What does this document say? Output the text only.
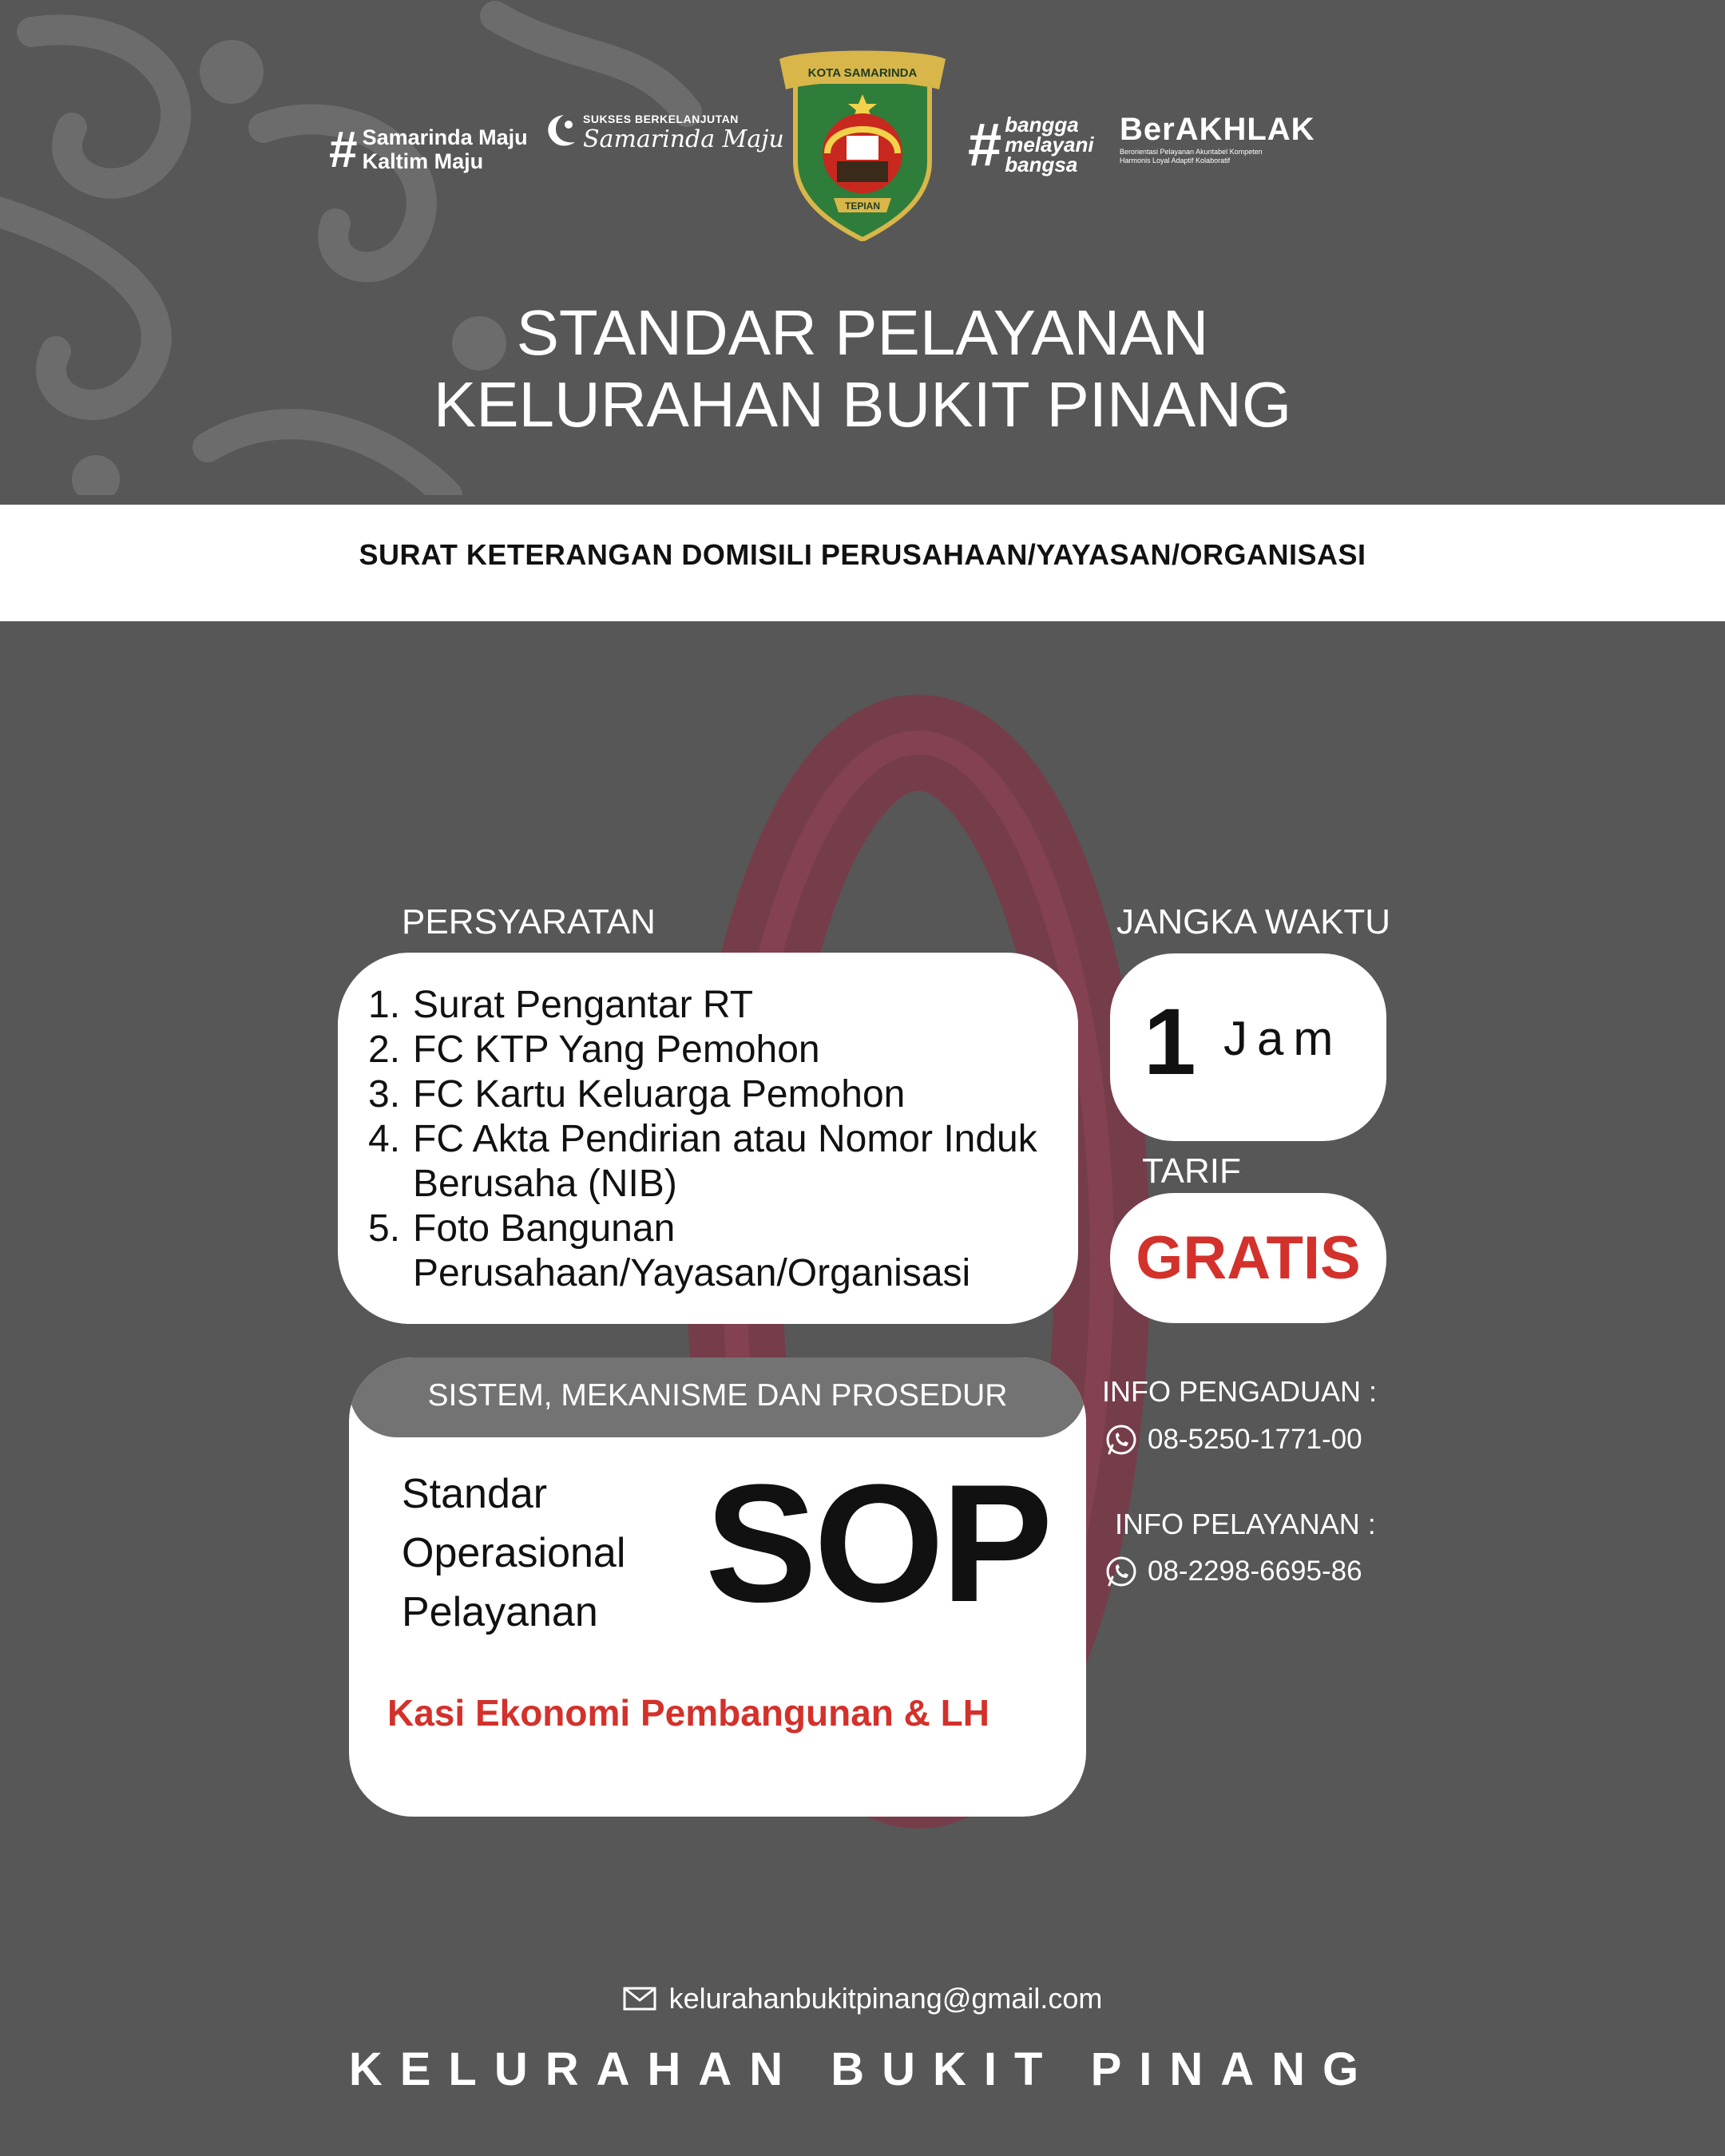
# Samarinda Maju
Kaltim Maju
SUKSES BERKELANJUTAN
Samarinda Maju
KOTA SAMARINDA
TEPIAN
# bangga
melayani
bangsa
BerAKHLAK
Berorientasi Pelayanan Akuntabel Kompeten
Harmonis Loyal Adaptif Kolaboratif
STANDAR PELAYANAN
KELURAHAN BUKIT PINANG
SURAT KETERANGAN DOMISILI PERUSAHAAN/YAYASAN/ORGANISASI
PERSYARATAN	JANGKA WAKTU
TARIF
1. Surat Pengantar RT
2. FC KTP Yang Pemohon
3. FC Kartu Keluarga Pemohon
4. FC Akta Pendirian atau Nomor Induk Berusaha (NIB)
5. Foto Bangunan Perusahaan/Yayasan/Organisasi
1 Jam
GRATIS
SISTEM, MEKANISME DAN PROSEDUR
Standar
Operasional
Pelayanan SOP
Kasi Ekonomi Pembangunan & LH
INFO PENGADUAN :
08-5250-1771-00
INFO PELAYANAN :
08-2298-6695-86
kelurahanbukitpinang@gmail.com
KELURAHAN BUKIT PINANG
